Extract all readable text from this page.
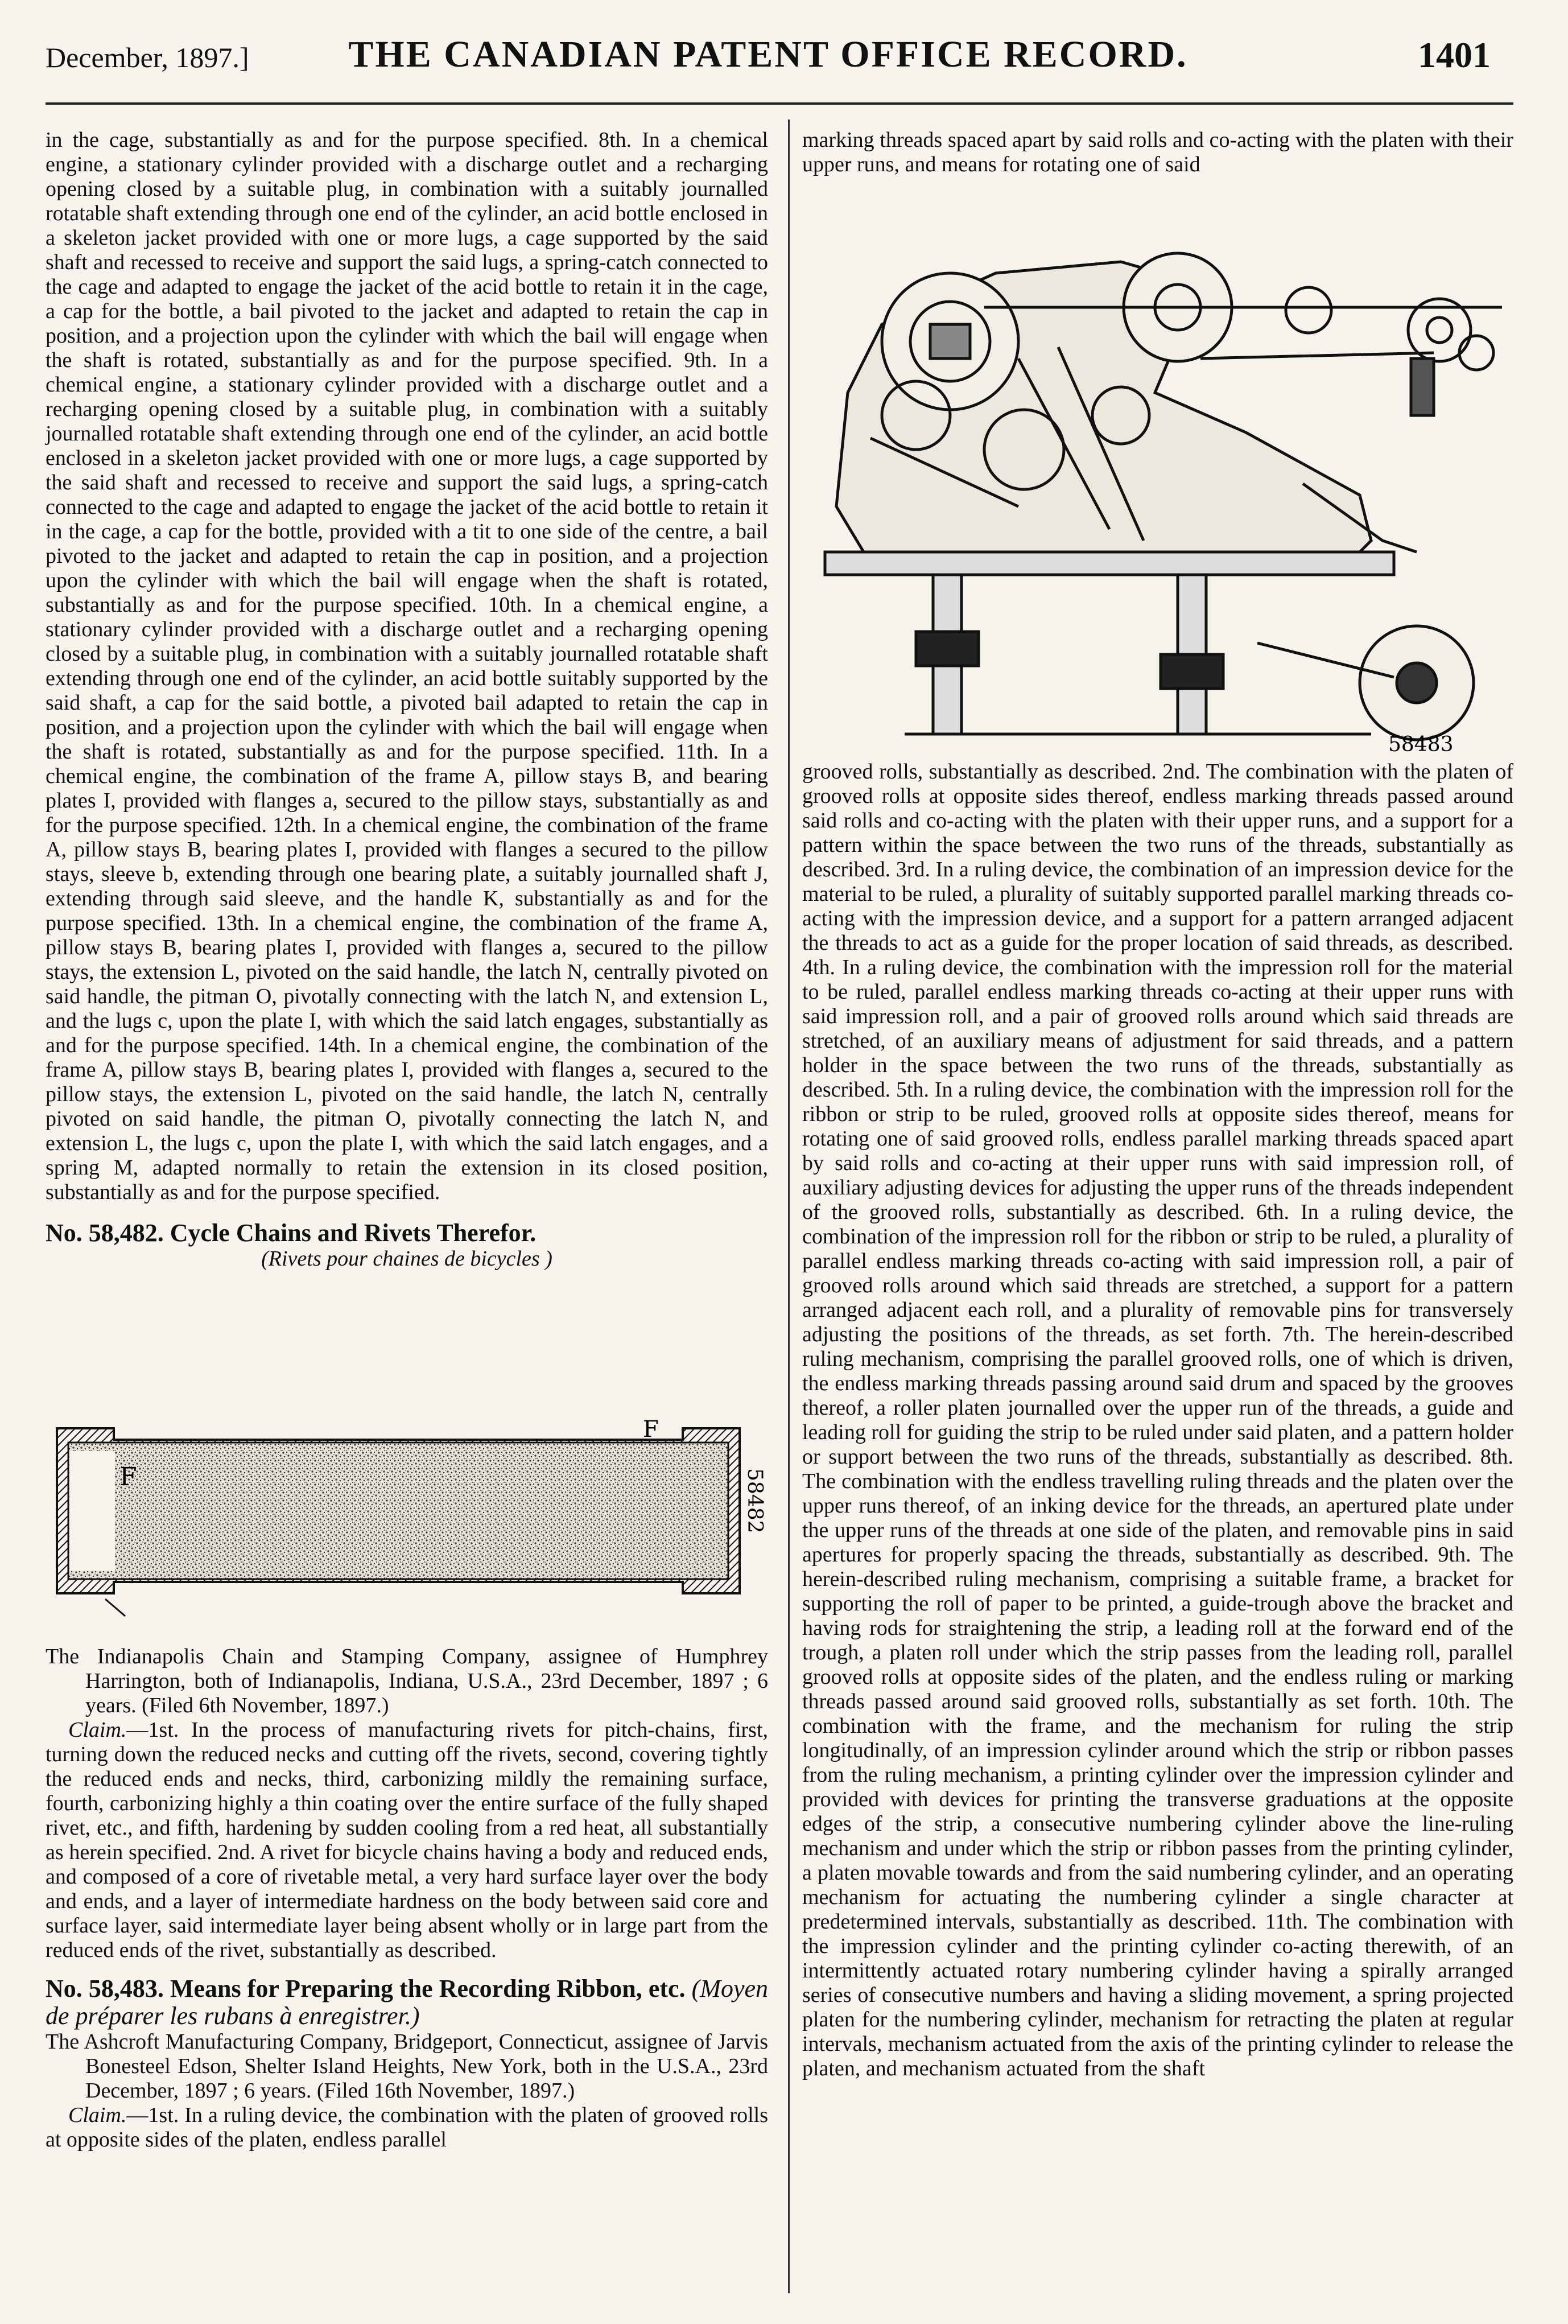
December, 1897.]	THE CANADIAN PATENT OFFICE RECORD.	1401

in the cage, substantially as and for the purpose specified. 8th. In a chemical engine, a stationary cylinder provided with a discharge outlet and a recharging opening closed by a suitable plug, in combination with a suitably journalled rotatable shaft extending through one end of the cylinder, an acid bottle enclosed in a skeleton jacket provided with one or more lugs, a cage supported by the said shaft and recessed to receive and support the said lugs, a spring-catch connected to the cage and adapted to engage the jacket of the acid bottle to retain it in the cage, a cap for the bottle, a bail pivoted to the jacket and adapted to retain the cap in position, and a projection upon the cylinder with which the bail will engage when the shaft is rotated, substantially as and for the purpose specified. 9th. In a chemical engine, a stationary cylinder provided with a discharge outlet and a recharging opening closed by a suitable plug, in combination with a suitably journalled rotatable shaft extending through one end of the cylinder, an acid bottle enclosed in a skeleton jacket provided with one or more lugs, a cage supported by the said shaft and recessed to receive and support the said lugs, a spring-catch connected to the cage and adapted to engage the jacket of the acid bottle to retain it in the cage, a cap for the bottle, provided with a tit to one side of the centre, a bail pivoted to the jacket and adapted to retain the cap in position, and a projection upon the cylinder with which the bail will engage when the shaft is rotated, substantially as and for the purpose specified. 10th. In a chemical engine, a stationary cylinder provided with a discharge outlet and a recharging opening closed by a suitable plug, in combination with a suitably journalled rotatable shaft extending through one end of the cylinder, an acid bottle suitably supported by the said shaft, a cap for the said bottle, a pivoted bail adapted to retain the cap in position, and a projection upon the cylinder with which the bail will engage when the shaft is rotated, substantially as and for the purpose specified. 11th. In a chemical engine, the combination of the frame A, pillow stays B, and bearing plates I, provided with flanges a, secured to the pillow stays, substantially as and for the purpose specified. 12th. In a chemical engine, the combination of the frame A, pillow stays B, bearing plates I, provided with flanges a secured to the pillow stays, sleeve b, extending through one bearing plate, a suitably journalled shaft J, extending through said sleeve, and the handle K, substantially as and for the purpose specified. 13th. In a chemical engine, the combination of the frame A, pillow stays B, bearing plates I, provided with flanges a, secured to the pillow stays, the extension L, pivoted on the said handle, the latch N, centrally pivoted on said handle, the pitman O, pivotally connecting with the latch N, and extension L, and the lugs c, upon the plate I, with which the said latch engages, substantially as and for the purpose specified. 14th. In a chemical engine, the combination of the frame A, pillow stays B, bearing plates I, provided with flanges a, secured to the pillow stays, the extension L, pivoted on the said handle, the latch N, centrally pivoted on said handle, the pitman O, pivotally connecting the latch N, and extension L, the lugs c, upon the plate I, with which the said latch engages, and a spring M, adapted normally to retain the extension in its closed position, substantially as and for the purpose specified.

No. 58,482. Cycle Chains and Rivets Therefor.

(Rivets pour chaines de bicycles )

F
F
58482

The Indianapolis Chain and Stamping Company, assignee of Humphrey Harrington, both of Indianapolis, Indiana, U.S.A., 23rd December, 1897 ; 6 years. (Filed 6th November, 1897.)

Claim.—1st. In the process of manufacturing rivets for pitch-chains, first, turning down the reduced necks and cutting off the rivets, second, covering tightly the reduced ends and necks, third, carbonizing mildly the remaining surface, fourth, carbonizing highly a thin coating over the entire surface of the fully shaped rivet, etc., and fifth, hardening by sudden cooling from a red heat, all substantially as herein specified. 2nd. A rivet for bicycle chains having a body and reduced ends, and composed of a core of rivetable metal, a very hard surface layer over the body and ends, and a layer of intermediate hardness on the body between said core and surface layer, said intermediate layer being absent wholly or in large part from the reduced ends of the rivet, substantially as described.

No. 58,483. Means for Preparing the Recording Ribbon, etc. (Moyen de préparer les rubans à enregistrer.)

The Ashcroft Manufacturing Company, Bridgeport, Connecticut, assignee of Jarvis Bonesteel Edson, Shelter Island Heights, New York, both in the U.S.A., 23rd December, 1897 ; 6 years. (Filed 16th November, 1897.)

Claim.—1st. In a ruling device, the combination with the platen of grooved rolls at opposite sides of the platen, endless parallel

marking threads spaced apart by said rolls and co-acting with the platen with their upper runs, and means for rotating one of said

58483

grooved rolls, substantially as described. 2nd. The combination with the platen of grooved rolls at opposite sides thereof, endless marking threads passed around said rolls and co-acting with the platen with their upper runs, and a support for a pattern within the space between the two runs of the threads, substantially as described. 3rd. In a ruling device, the combination of an impression device for the material to be ruled, a plurality of suitably supported parallel marking threads co-acting with the impression device, and a support for a pattern arranged adjacent the threads to act as a guide for the proper location of said threads, as described. 4th. In a ruling device, the combination with the impression roll for the material to be ruled, parallel endless marking threads co-acting at their upper runs with said impression roll, and a pair of grooved rolls around which said threads are stretched, of an auxiliary means of adjustment for said threads, and a pattern holder in the space between the two runs of the threads, substantially as described. 5th. In a ruling device, the combination with the impression roll for the ribbon or strip to be ruled, grooved rolls at opposite sides thereof, means for rotating one of said grooved rolls, endless parallel marking threads spaced apart by said rolls and co-acting at their upper runs with said impression roll, of auxiliary adjusting devices for adjusting the upper runs of the threads independent of the grooved rolls, substantially as described. 6th. In a ruling device, the combination of the impression roll for the ribbon or strip to be ruled, a plurality of parallel endless marking threads co-acting with said impression roll, a pair of grooved rolls around which said threads are stretched, a support for a pattern arranged adjacent each roll, and a plurality of removable pins for transversely adjusting the positions of the threads, as set forth. 7th. The herein-described ruling mechanism, comprising the parallel grooved rolls, one of which is driven, the endless marking threads passing around said drum and spaced by the grooves thereof, a roller platen journalled over the upper run of the threads, a guide and leading roll for guiding the strip to be ruled under said platen, and a pattern holder or support between the two runs of the threads, substantially as described. 8th. The combination with the endless travelling ruling threads and the platen over the upper runs thereof, of an inking device for the threads, an apertured plate under the upper runs of the threads at one side of the platen, and removable pins in said apertures for properly spacing the threads, substantially as described. 9th. The herein-described ruling mechanism, comprising a suitable frame, a bracket for supporting the roll of paper to be printed, a guide-trough above the bracket and having rods for straightening the strip, a leading roll at the forward end of the trough, a platen roll under which the strip passes from the leading roll, parallel grooved rolls at opposite sides of the platen, and the endless ruling or marking threads passed around said grooved rolls, substantially as set forth. 10th. The combination with the frame, and the mechanism for ruling the strip longitudinally, of an impression cylinder around which the strip or ribbon passes from the ruling mechanism, a printing cylinder over the impression cylinder and provided with devices for printing the transverse graduations at the opposite edges of the strip, a consecutive numbering cylinder above the line-ruling mechanism and under which the strip or ribbon passes from the printing cylinder, a platen movable towards and from the said numbering cylinder, and an operating mechanism for actuating the numbering cylinder a single character at predetermined intervals, substantially as described. 11th. The combination with the impression cylinder and the printing cylinder co-acting therewith, of an intermittently actuated rotary numbering cylinder having a spirally arranged series of consecutive numbers and having a sliding movement, a spring projected platen for the numbering cylinder, mechanism for retracting the platen at regular intervals, mechanism actuated from the axis of the printing cylinder to release the platen, and mechanism actuated from the shaft
